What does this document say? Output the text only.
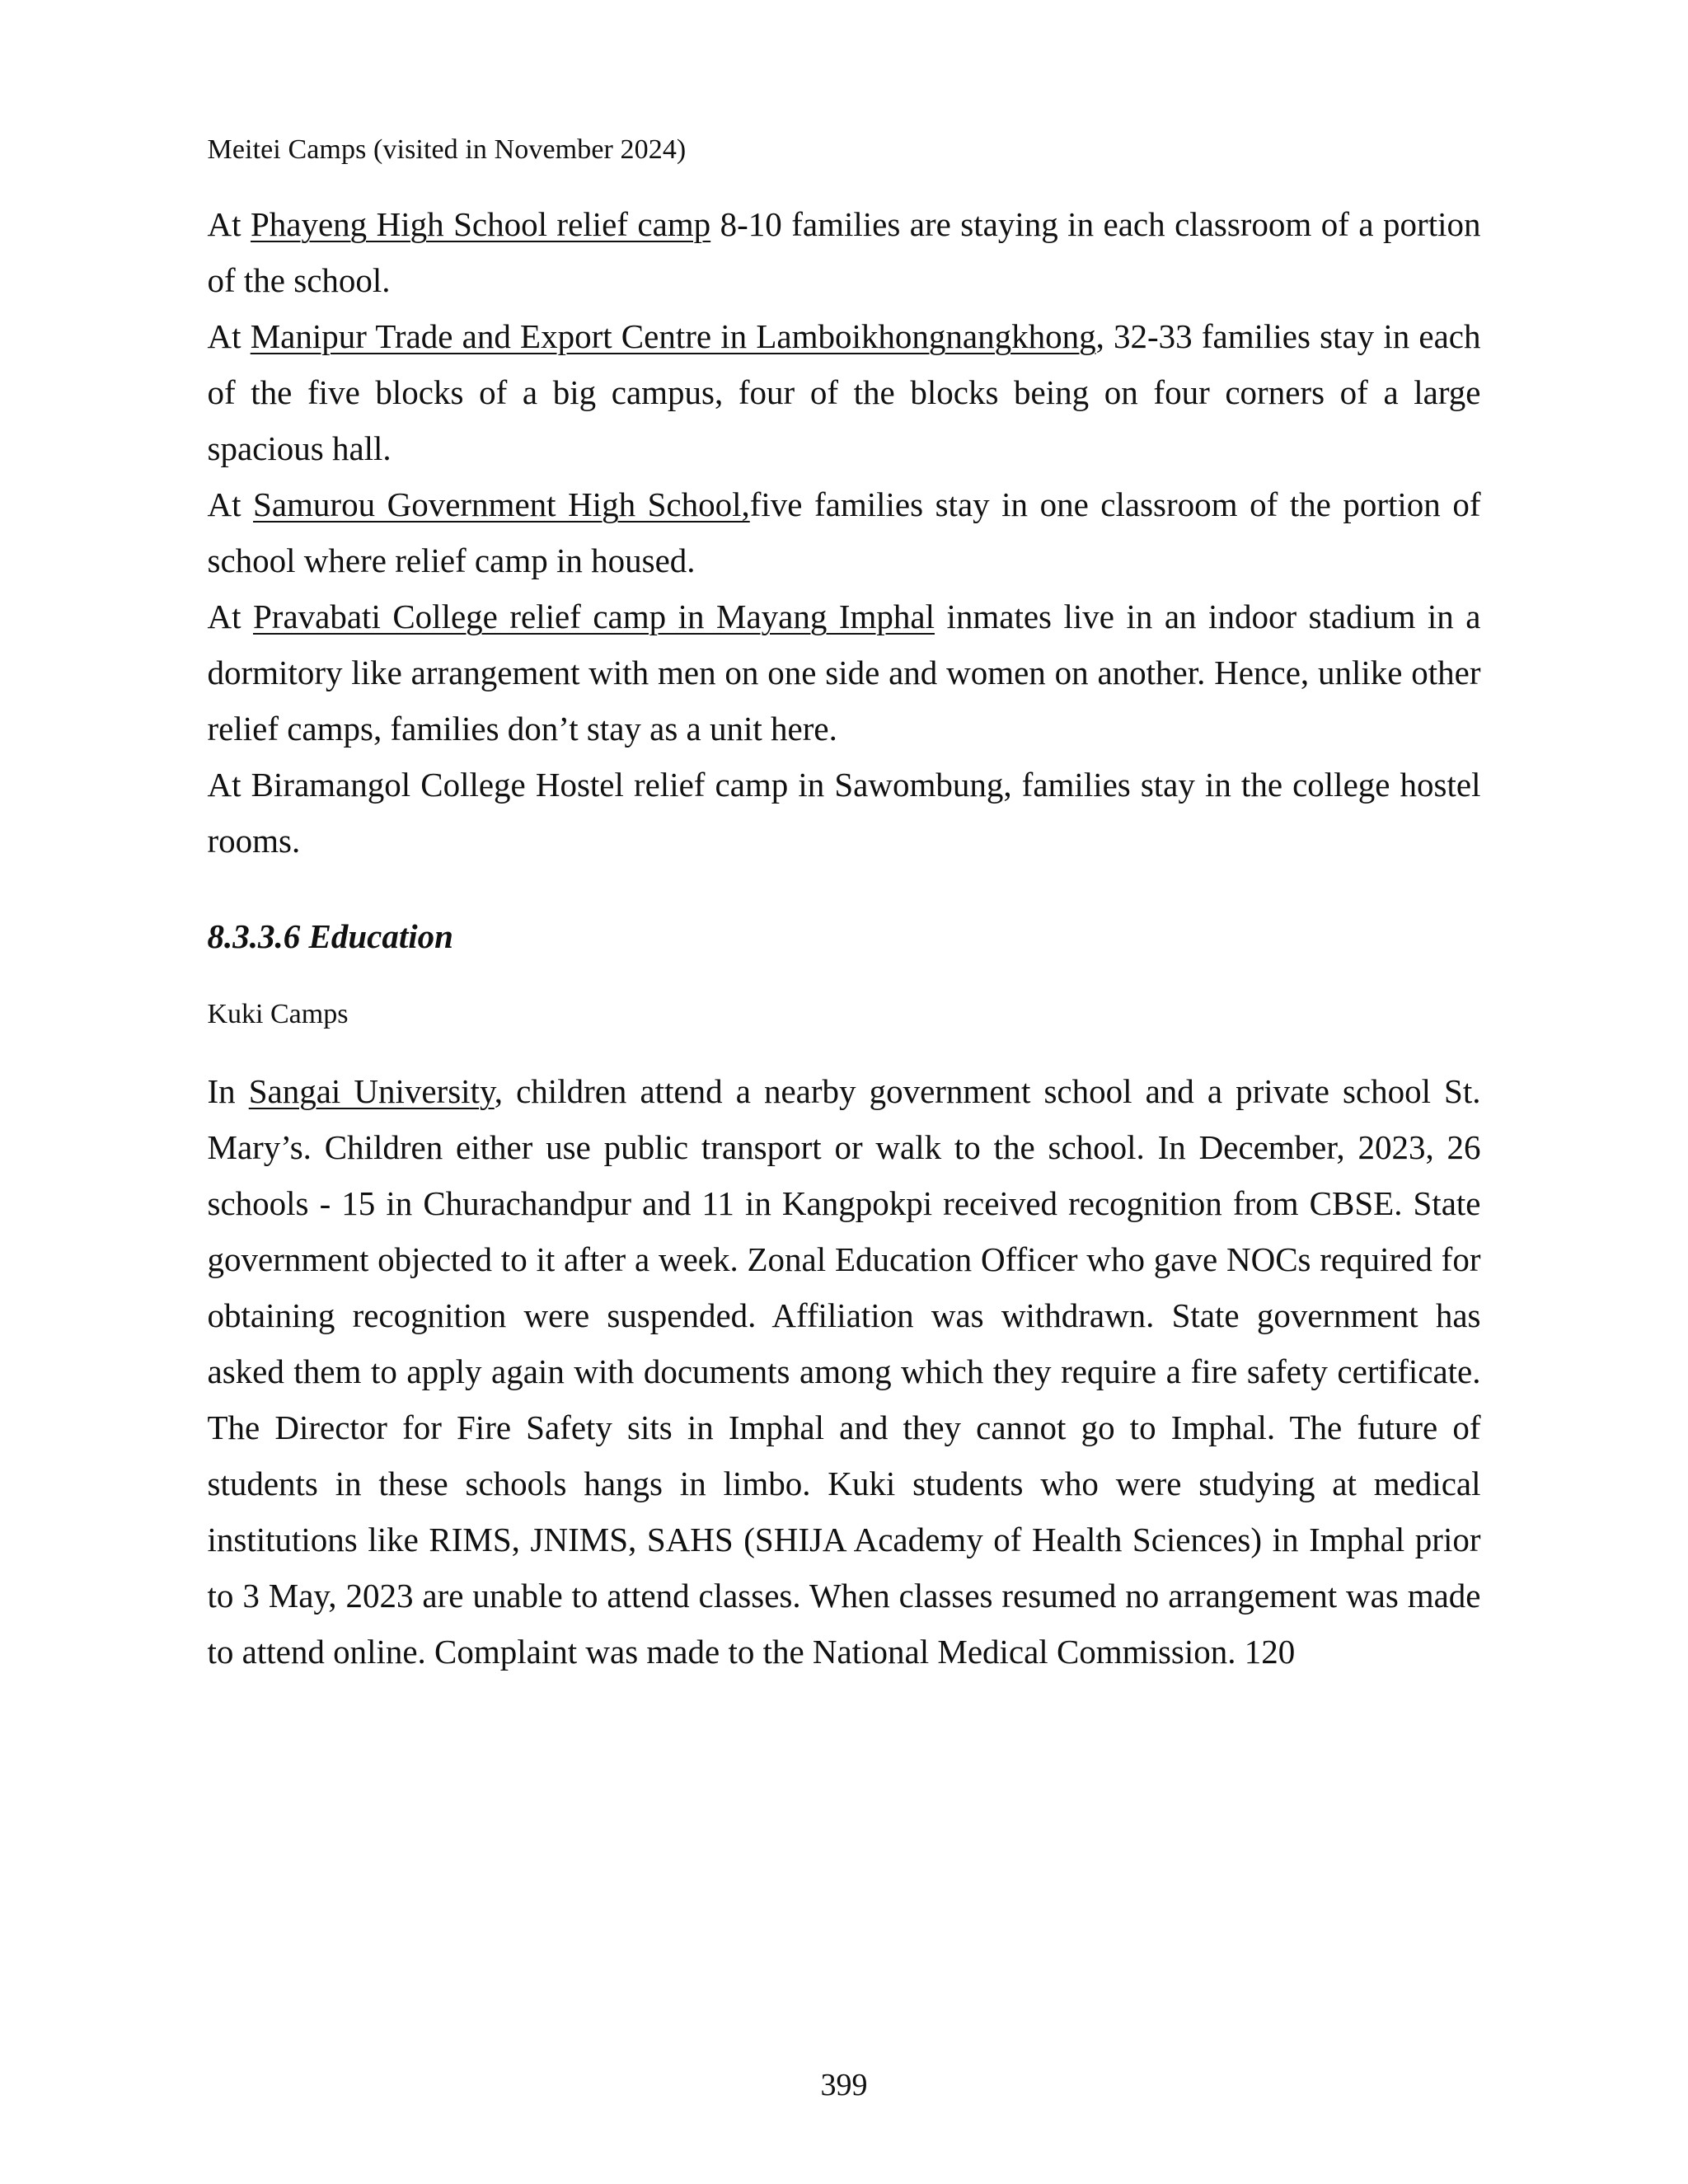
Meitei Camps (visited in November 2024)

At Phayeng High School relief camp 8-10 families are staying in each classroom of a portion of the school.

At Manipur Trade and Export Centre in Lamboikhongnangkhong, 32-33 families stay in each of the five blocks of a big campus, four of the blocks being on four corners of a large spacious hall.

At Samurou Government High School,five families stay in one classroom of the portion of school where relief camp in housed.

At Pravabati College relief camp in Mayang Imphal inmates live in an indoor stadium in a dormitory like arrangement with men on one side and women on another. Hence, unlike other relief camps, families don’t stay as a unit here.

At Biramangol College Hostel relief camp in Sawombung, families stay in the college hostel rooms.

8.3.3.6 Education
Kuki Camps

In Sangai University, children attend a nearby government school and a private school St. Mary’s. Children either use public transport or walk to the school. In December, 2023, 26 schools - 15 in Churachandpur and 11 in Kangpokpi received recognition from CBSE. State government objected to it after a week. Zonal Education Officer who gave NOCs required for obtaining recognition were suspended. Affiliation was withdrawn. State government has asked them to apply again with documents among which they require a fire safety certificate. The Director for Fire Safety sits in Imphal and they cannot go to Imphal. The future of students in these schools hangs in limbo. Kuki students who were studying at medical institutions like RIMS, JNIMS, SAHS (SHIJA Academy of Health Sciences) in Imphal prior to 3 May, 2023 are unable to attend classes. When classes resumed no arrangement was made to attend online. Complaint was made to the National Medical Commission. 120

399
